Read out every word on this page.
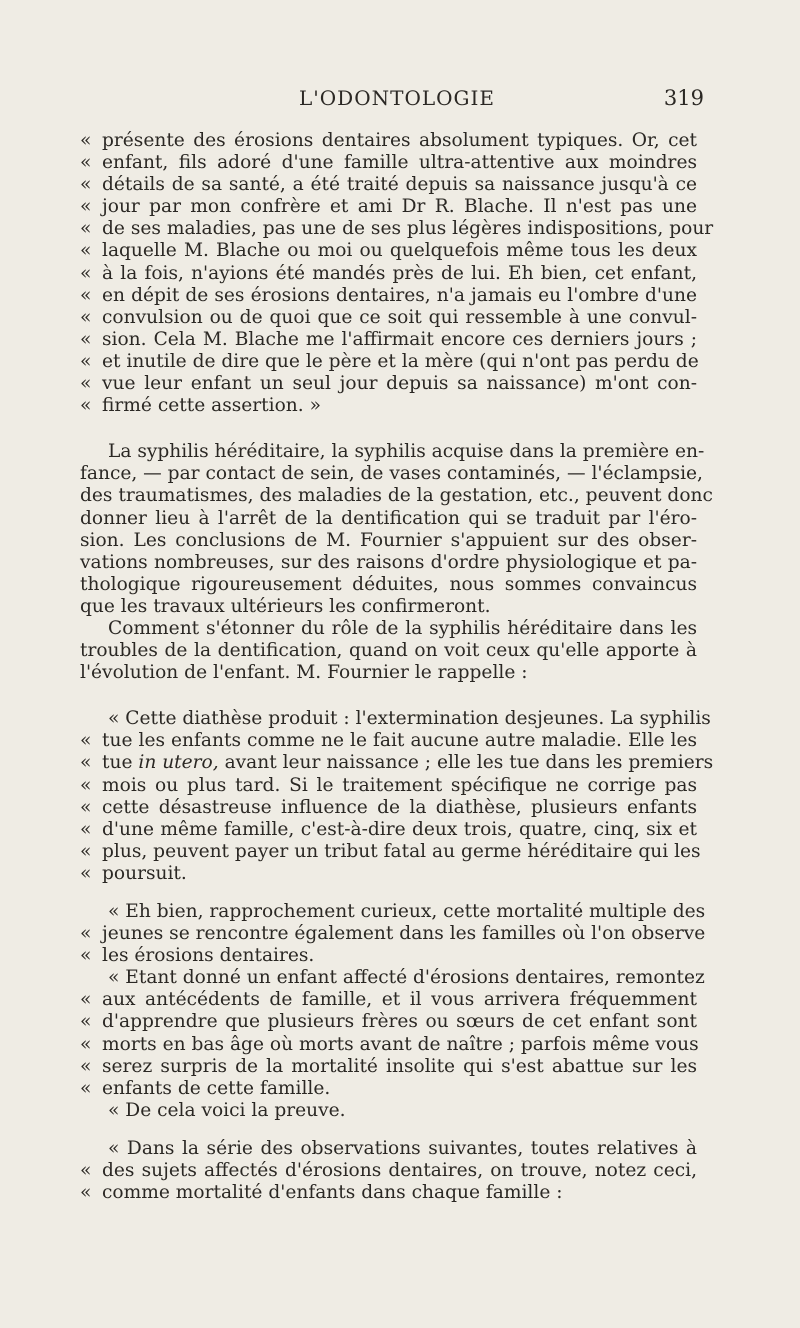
L'ODONTOLOGIE	319
« présente des érosions dentaires absolument typiques. Or, cet
« enfant, fils adoré d'une famille ultra-attentive aux moindres
« détails de sa santé, a été traité depuis sa naissance jusqu'à ce
« jour par mon confrère et ami Dr R. Blache. Il n'est pas une
« de ses maladies, pas une de ses plus légères indispositions, pour
« laquelle M. Blache ou moi ou quelquefois même tous les deux
« à la fois, n'ayions été mandés près de lui. Eh bien, cet enfant,
« en dépit de ses érosions dentaires, n'a jamais eu l'ombre d'une
« convulsion ou de quoi que ce soit qui ressemble à une convul-
« sion. Cela M. Blache me l'affirmait encore ces derniers jours ;
« et inutile de dire que le père et la mère (qui n'ont pas perdu de
« vue leur enfant un seul jour depuis sa naissance) m'ont con-
« firmé cette assertion. »
La syphilis héréditaire, la syphilis acquise dans la première en-
fance, — par contact de sein, de vases contaminés, — l'éclampsie,
des traumatismes, des maladies de la gestation, etc., peuvent donc
donner lieu à l'arrêt de la dentification qui se traduit par l'éro-
sion. Les conclusions de M. Fournier s'appuient sur des obser-
vations nombreuses, sur des raisons d'ordre physiologique et pa-
thologique rigoureusement déduites, nous sommes convaincus
que les travaux ultérieurs les confirmeront.
Comment s'étonner du rôle de la syphilis héréditaire dans les
troubles de la dentification, quand on voit ceux qu'elle apporte à
l'évolution de l'enfant. M. Fournier le rappelle :
« Cette diathèse produit : l'extermination desjeunes. La syphilis
« tue les enfants comme ne le fait aucune autre maladie. Elle les
« tue in utero, avant leur naissance ; elle les tue dans les premiers
« mois ou plus tard. Si le traitement spécifique ne corrige pas
« cette désastreuse influence de la diathèse, plusieurs enfants
« d'une même famille, c'est-à-dire deux trois, quatre, cinq, six et
« plus, peuvent payer un tribut fatal au germe héréditaire qui les
« poursuit.
« Eh bien, rapprochement curieux, cette mortalité multiple des
« jeunes se rencontre également dans les familles où l'on observe
« les érosions dentaires.
« Etant donné un enfant affecté d'érosions dentaires, remontez
« aux antécédents de famille, et il vous arrivera fréquemment
« d'apprendre que plusieurs frères ou sœurs de cet enfant sont
« morts en bas âge où morts avant de naître ; parfois même vous
« serez surpris de la mortalité insolite qui s'est abattue sur les
« enfants de cette famille.
« De cela voici la preuve.
« Dans la série des observations suivantes, toutes relatives à
« des sujets affectés d'érosions dentaires, on trouve, notez ceci,
« comme mortalité d'enfants dans chaque famille :
